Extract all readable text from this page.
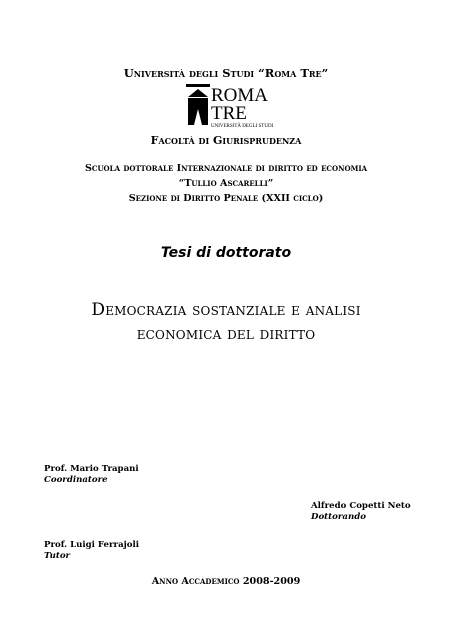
Università degli Studi “Roma Tre”
ROMA
TRE
UNIVERSITÀ DEGLI STUDI
Facoltà di Giurisprudenza
Scuola dottorale Internazionale di diritto ed economia
“Tullio Ascarelli”
Sezione di Diritto Penale (XXII ciclo)
Tesi di dottorato
Democrazia sostanziale e analisi
economica del diritto
Prof. Mario Trapani
Coordinatore
Alfredo Copetti Neto
Dottorando
Prof. Luigi Ferrajoli
Tutor
Anno Accademico 2008-2009
